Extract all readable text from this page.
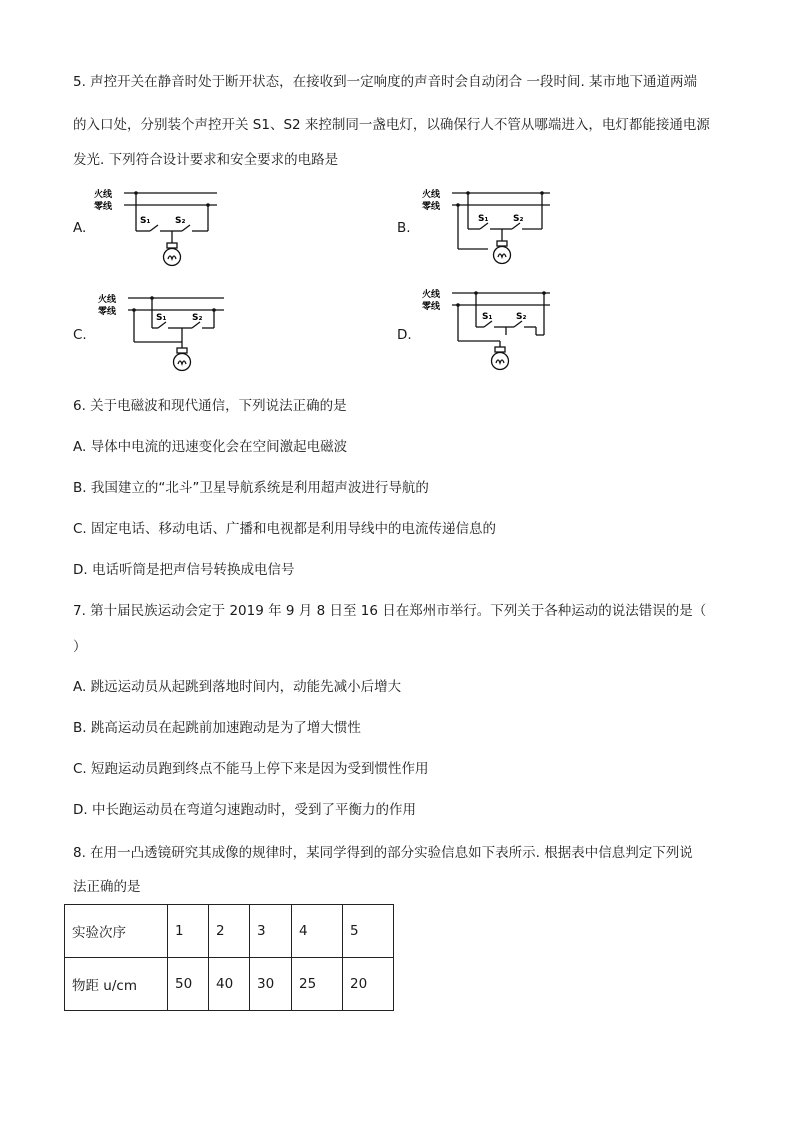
5. 声控开关在静音时处于断开状态，在接收到一定响度的声音时会自动闭合 一段时间. 某市地下通道两端
的入口处，分别装个声控开关 S1、S2 来控制同一盏电灯，以确保行人不管从哪端进入，电灯都能接通电源
发光. 下列符合设计要求和安全要求的电路是
A.
火线
零线
S₁	S₂	B.
火线
零线
S₁	S₂
C.
火线
零线
S₁	S₂
D.
火线
零线
S₁	S₂
6. 关于电磁波和现代通信，下列说法正确的是
A. 导体中电流的迅速变化会在空间激起电磁波
B. 我国建立的“北斗”卫星导航系统是利用超声波进行导航的
C. 固定电话、移动电话、广播和电视都是利用导线中的电流传递信息的
D. 电话听筒是把声信号转换成电信号
7. 第十届民族运动会定于 2019 年 9 月 8 日至 16 日在郑州市举行。下列关于各种运动的说法错误的是（
）
A. 跳远运动员从起跳到落地时间内，动能先减小后增大
B. 跳高运动员在起跳前加速跑动是为了增大惯性
C. 短跑运动员跑到终点不能马上停下来是因为受到惯性作用
D. 中长跑运动员在弯道匀速跑动时，受到了平衡力的作用
8. 在用一凸透镜研究其成像的规律时，某同学得到的部分实验信息如下表所示. 根据表中信息判定下列说
法正确的是
实验次序	1	2	3	4	5
物距 u/cm	50	40	30	25	20
